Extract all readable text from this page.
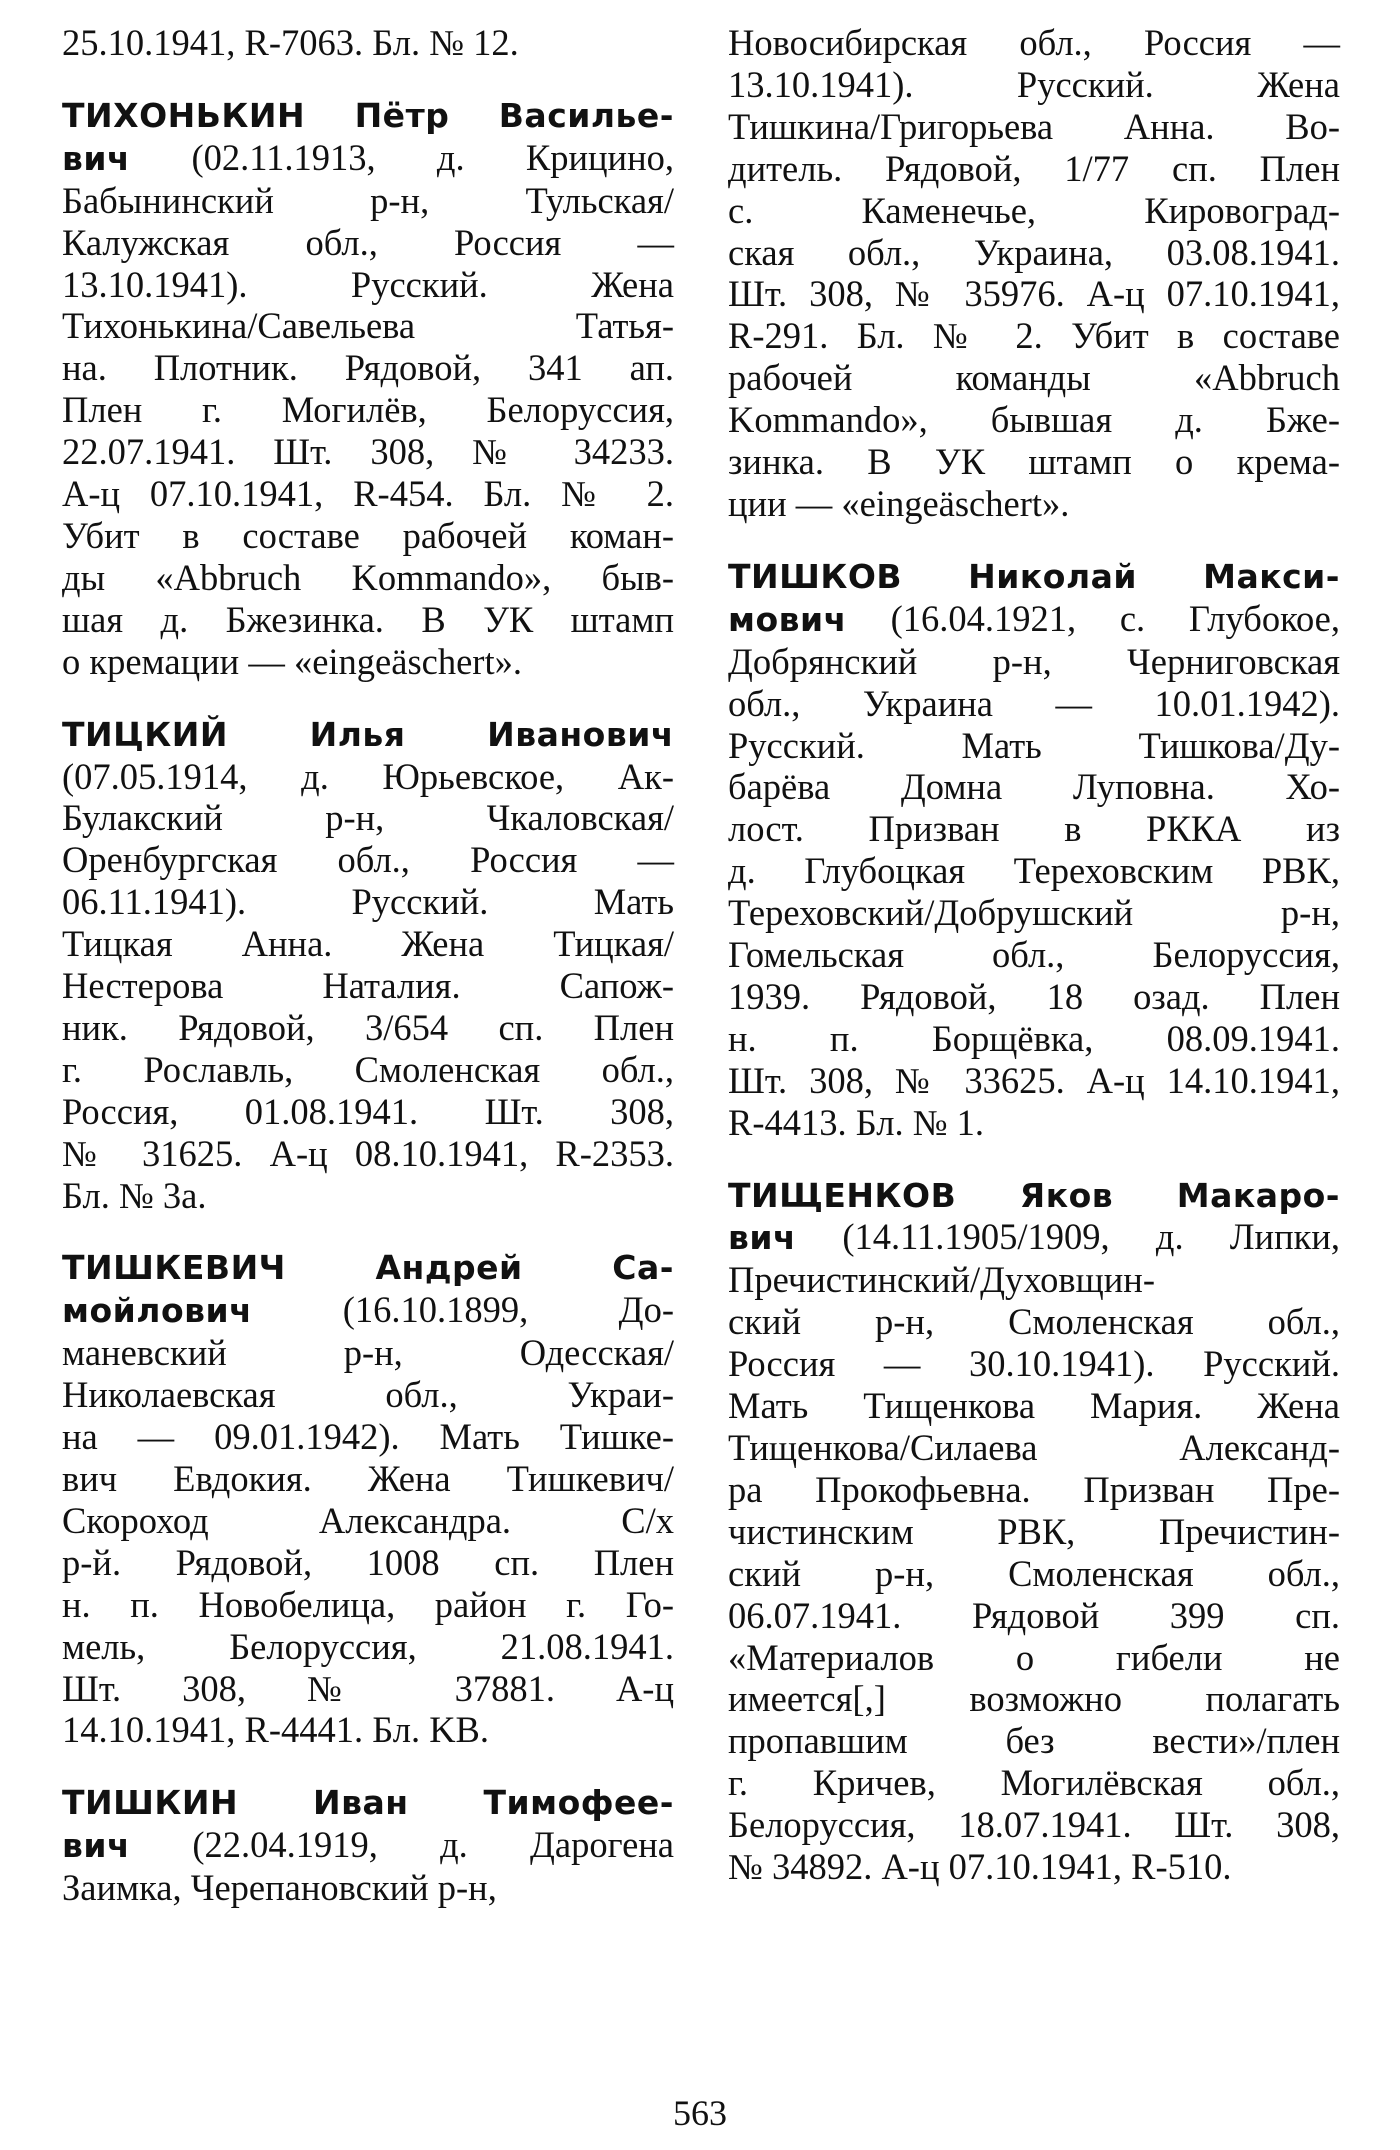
25.10.1941, R-7063. Бл. № 12.
ТИХОНЬКИН Пётр Василье-
вич (02.11.1913, д. Крицино,
Бабынинский р-н, Тульская/
Калужская обл., Россия —
13.10.1941). Русский. Жена
Тихонькина/Савельева Татья-
на. Плотник. Рядовой, 341 ап.
Плен г. Могилёв, Белоруссия,
22.07.1941. Шт. 308, № 34233.
А-ц 07.10.1941, R-454. Бл. № 2.
Убит в составе рабочей коман-
ды «Abbruch Kommando», быв-
шая д. Бжезинка. В УК штамп
о кремации — «eingeäschert».
ТИЦКИЙ Илья Иванович
(07.05.1914, д. Юрьевское, Ак-
Булакский р-н, Чкаловская/
Оренбургская обл., Россия —
06.11.1941). Русский. Мать
Тицкая Анна. Жена Тицкая/
Нестерова Наталия. Сапож-
ник. Рядовой, 3/654 сп. Плен
г. Рославль, Смоленская обл.,
Россия, 01.08.1941. Шт. 308,
№ 31625. А-ц 08.10.1941, R-2353.
Бл. № 3а.
ТИШКЕВИЧ Андрей Са-
мойлович (16.10.1899, До-
маневский р-н, Одесская/
Николаевская обл., Украи-
на — 09.01.1942). Мать Тишке-
вич Евдокия. Жена Тишкевич/
Скороход Александра. С/х
р-й. Рядовой, 1008 сп. Плен
н. п. Новобелица, район г. Го-
мель, Белоруссия, 21.08.1941.
Шт. 308, № 37881. А-ц
14.10.1941, R-4441. Бл. KB.
ТИШКИН Иван Тимофее-
вич (22.04.1919, д. Дарогена
Заимка, Черепановский р-н,
Новосибирская обл., Россия —
13.10.1941). Русский. Жена
Тишкина/Григорьева Анна. Во-
дитель. Рядовой, 1/77 сп. Плен
с. Каменечье, Кировоград-
ская обл., Украина, 03.08.1941.
Шт. 308, № 35976. А-ц 07.10.1941,
R-291. Бл. № 2. Убит в составе
рабочей команды «Abbruch
Kommando», бывшая д. Бже-
зинка. В УК штамп о крема-
ции — «eingeäschert».
ТИШКОВ Николай Макси-
мович (16.04.1921, с. Глубокое,
Добрянский р-н, Черниговская
обл., Украина — 10.01.1942).
Русский. Мать Тишкова/Ду-
барёва Домна Луповна. Хо-
лост. Призван в РККА из
д. Глубоцкая Тереховским РВК,
Тереховский/Добрушский р-н,
Гомельская обл., Белоруссия,
1939. Рядовой, 18 озад. Плен
н. п. Борщёвка, 08.09.1941.
Шт. 308, № 33625. А-ц 14.10.1941,
R-4413. Бл. № 1.
ТИЩЕНКОВ Яков Макаро-
вич (14.11.1905/1909, д. Липки,
Пречистинский/Духовщин-
ский р-н, Смоленская обл.,
Россия — 30.10.1941). Русский.
Мать Тищенкова Мария. Жена
Тищенкова/Силаева Александ-
ра Прокофьевна. Призван Пре-
чистинским РВК, Пречистин-
ский р-н, Смоленская обл.,
06.07.1941. Рядовой 399 сп.
«Материалов о гибели не
имеется[,] возможно полагать
пропавшим без вести»/плен
г. Кричев, Могилёвская обл.,
Белоруссия, 18.07.1941. Шт. 308,
№ 34892. А-ц 07.10.1941, R-510.
563
